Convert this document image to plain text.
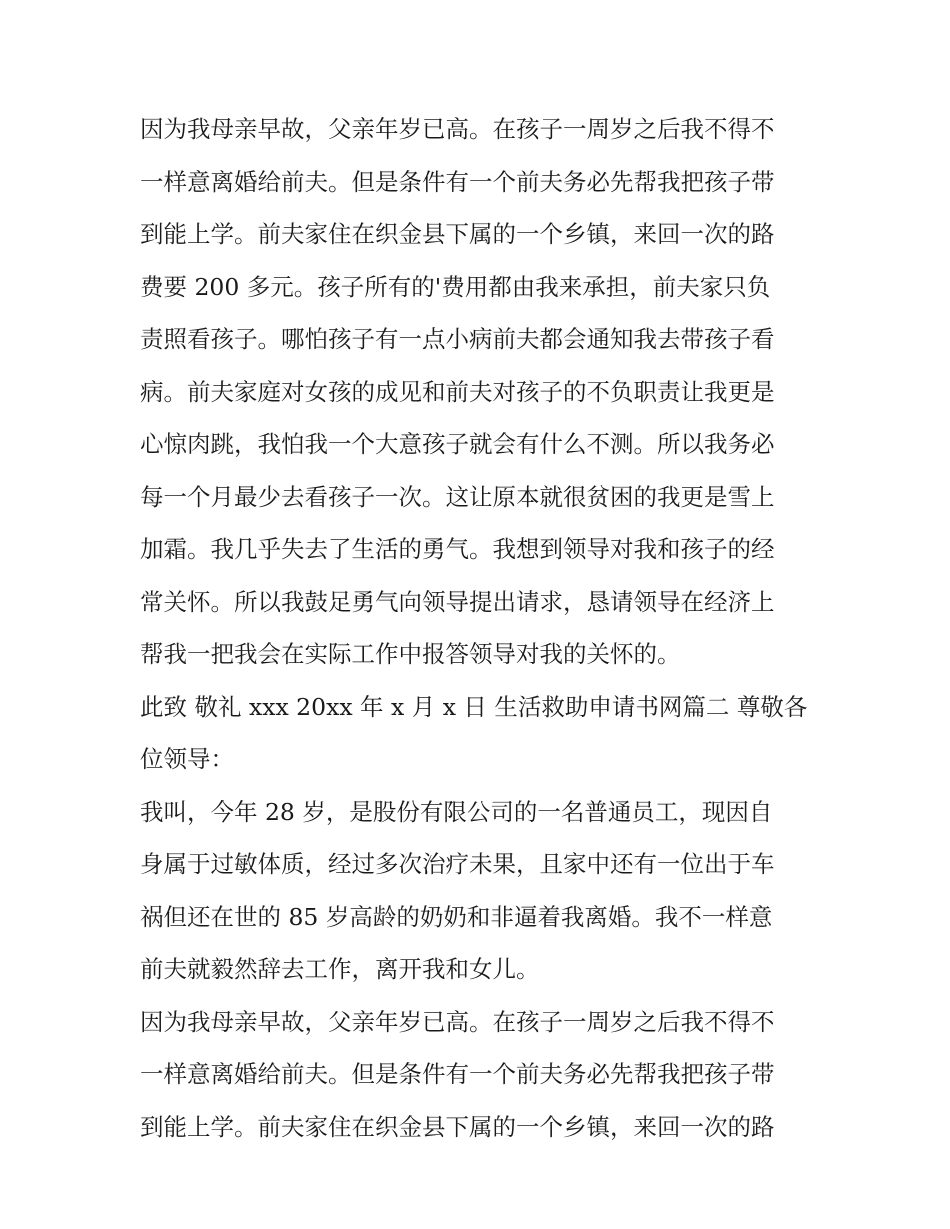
因为我母亲早故，父亲年岁已高。在孩子一周岁之后我不得不
一样意离婚给前夫。但是条件有一个前夫务必先帮我把孩子带
到能上学。前夫家住在织金县下属的一个乡镇，来回一次的路
费要 200 多元。孩子所有的'费用都由我来承担，前夫家只负
责照看孩子。哪怕孩子有一点小病前夫都会通知我去带孩子看
病。前夫家庭对女孩的成见和前夫对孩子的不负职责让我更是
心惊肉跳，我怕我一个大意孩子就会有什么不测。所以我务必
每一个月最少去看孩子一次。这让原本就很贫困的我更是雪上
加霜。我几乎失去了生活的勇气。我想到领导对我和孩子的经
常关怀。所以我鼓足勇气向领导提出请求，恳请领导在经济上
帮我一把我会在实际工作中报答领导对我的关怀的。

此致 敬礼 xxx 20xx 年 x 月 x 日 生活救助申请书网篇二 尊敬各
位领导：

我叫，今年 28 岁，是股份有限公司的一名普通员工，现因自
身属于过敏体质，经过多次治疗未果，且家中还有一位出于车
祸但还在世的 85 岁高龄的奶奶和非逼着我离婚。我不一样意
前夫就毅然辞去工作，离开我和女儿。

因为我母亲早故，父亲年岁已高。在孩子一周岁之后我不得不
一样意离婚给前夫。但是条件有一个前夫务必先帮我把孩子带
到能上学。前夫家住在织金县下属的一个乡镇，来回一次的路
